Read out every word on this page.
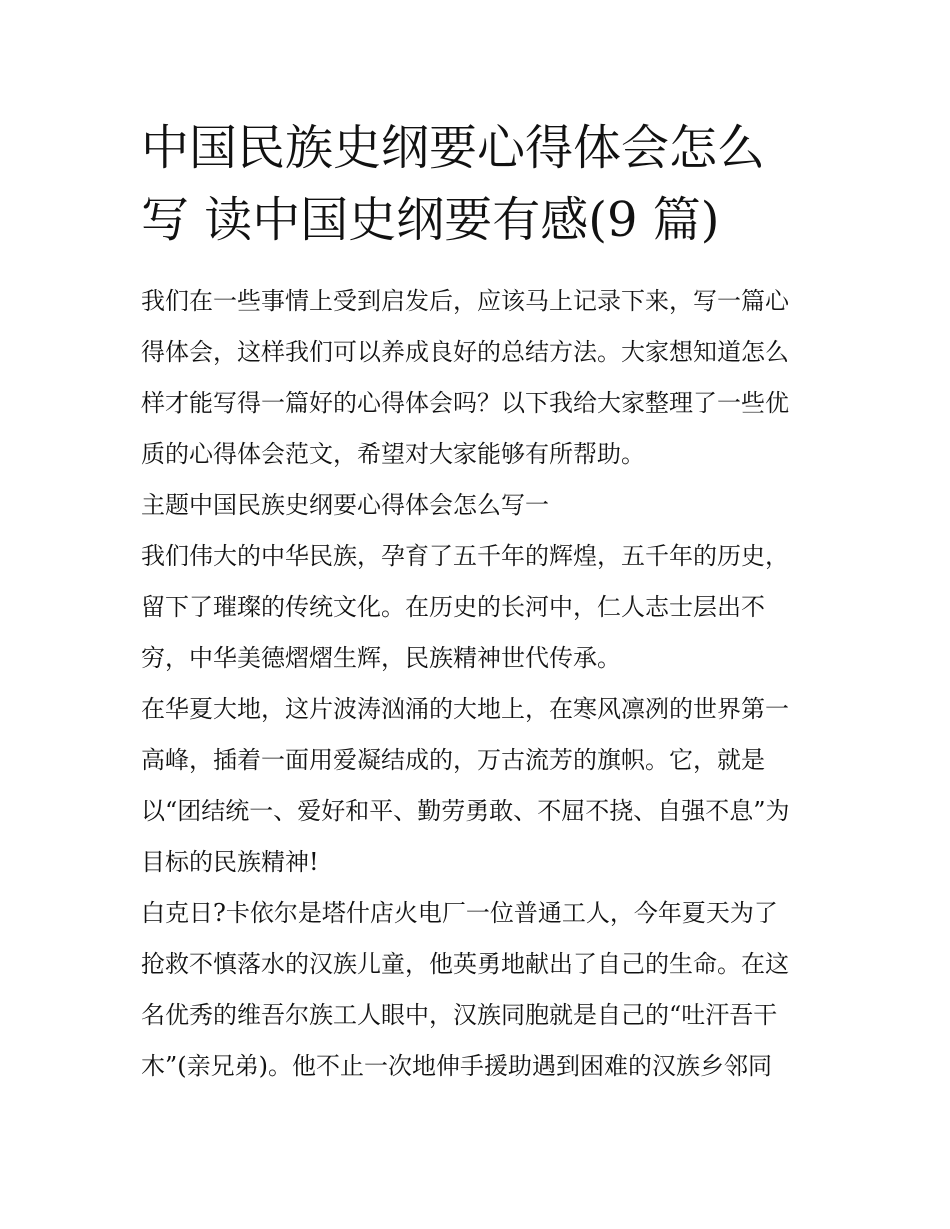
中国民族史纲要心得体会怎么
写 读中国史纲要有感(9 篇)
我们在一些事情上受到启发后，应该马上记录下来，写一篇心
得体会，这样我们可以养成良好的总结方法。大家想知道怎么
样才能写得一篇好的心得体会吗？以下我给大家整理了一些优
质的心得体会范文，希望对大家能够有所帮助。
主题中国民族史纲要心得体会怎么写一
我们伟大的中华民族，孕育了五千年的辉煌，五千年的历史，
留下了璀璨的传统文化。在历史的长河中，仁人志士层出不
穷，中华美德熠熠生辉，民族精神世代传承。
在华夏大地，这片波涛汹涌的大地上，在寒风凛冽的世界第一
高峰，插着一面用爱凝结成的，万古流芳的旗帜。它，就是
以“团结统一、爱好和平、勤劳勇敢、不屈不挠、自强不息”为
目标的民族精神!
白克日?卡依尔是塔什店火电厂一位普通工人，今年夏天为了
抢救不慎落水的汉族儿童，他英勇地献出了自己的生命。在这
名优秀的维吾尔族工人眼中，汉族同胞就是自己的“吐汗吾干
木”(亲兄弟)。他不止一次地伸手援助遇到困难的汉族乡邻同
